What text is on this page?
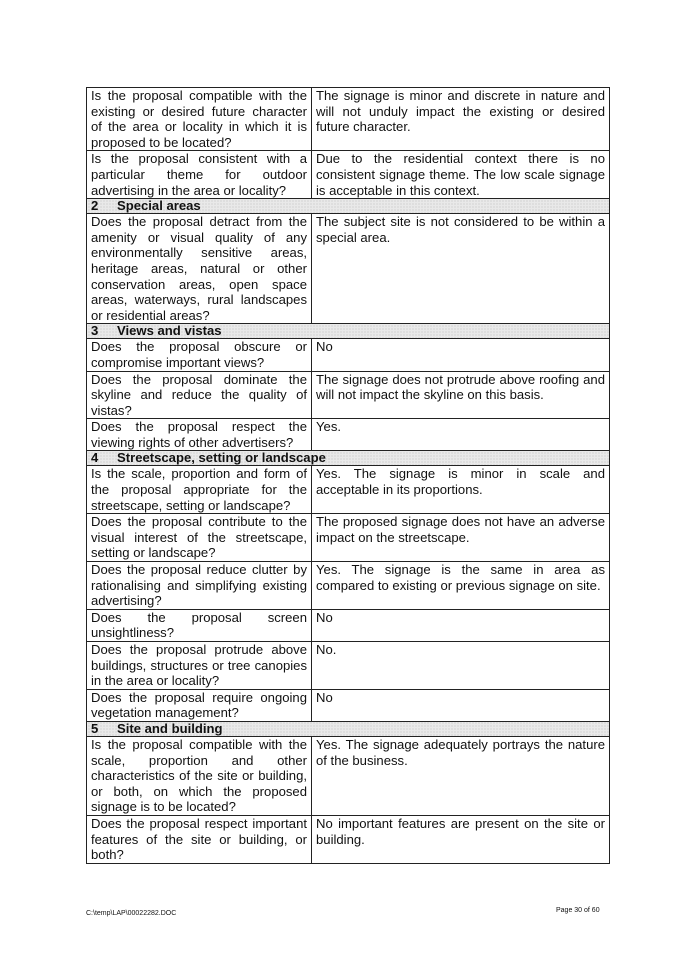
Is the proposal compatible with the existing or desired future character of the area or locality in which it is proposed to be located?	The signage is minor and discrete in nature and will not unduly impact the existing or desired future character.
Is the proposal consistent with a particular theme for outdoor advertising in the area or locality?	Due to the residential context there is no consistent signage theme. The low scale signage is acceptable in this context.
2 Special areas	
Does the proposal detract from the amenity or visual quality of any environmentally sensitive areas, heritage areas, natural or other conservation areas, open space areas, waterways, rural landscapes or residential areas?	The subject site is not considered to be within a special area.
3 Views and vistas	
Does the proposal obscure or compromise important views?	No
Does the proposal dominate the skyline and reduce the quality of vistas?	The signage does not protrude above roofing and will not impact the skyline on this basis.
Does the proposal respect the viewing rights of other advertisers?	Yes.
4 Streetscape, setting or landscape	
Is the scale, proportion and form of the proposal appropriate for the streetscape, setting or landscape?	Yes. The signage is minor in scale and acceptable in its proportions.
Does the proposal contribute to the visual interest of the streetscape, setting or landscape?	The proposed signage does not have an adverse impact on the streetscape.
Does the proposal reduce clutter by rationalising and simplifying existing advertising?	Yes. The signage is the same in area as compared to existing or previous signage on site.
Does the proposal screen unsightliness?	No
Does the proposal protrude above buildings, structures or tree canopies in the area or locality?	No.
Does the proposal require ongoing vegetation management?	No
5 Site and building	
Is the proposal compatible with the scale, proportion and other characteristics of the site or building, or both, on which the proposed signage is to be located?	Yes. The signage adequately portrays the nature of the business.
Does the proposal respect important features of the site or building, or both?	No important features are present on the site or building.
C:\temp\LAP\00022282.DOC	Page 30 of 60
